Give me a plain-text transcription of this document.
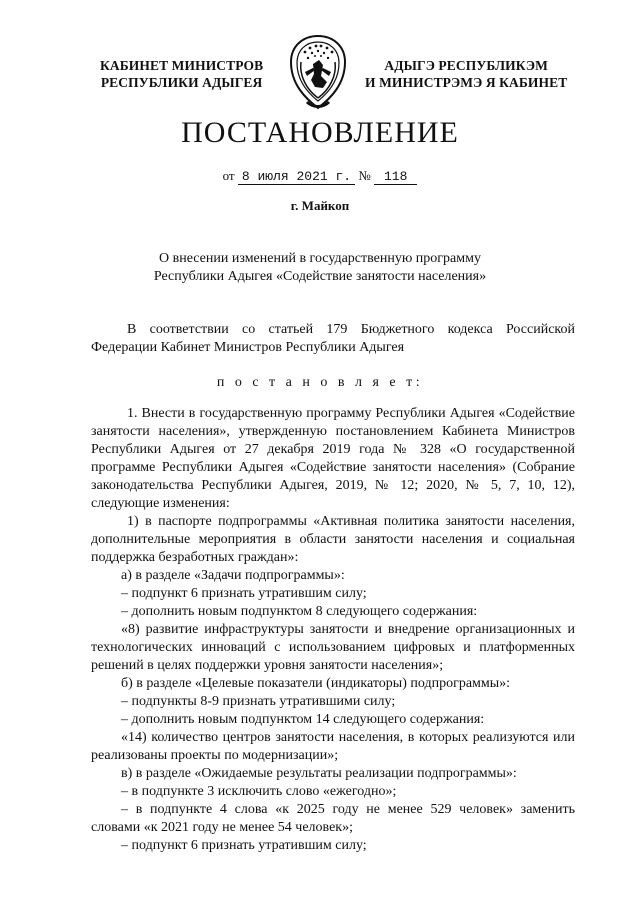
КАБИНЕТ МИНИСТРОВ
РЕСПУБЛИКИ АДЫГЕЯ
АДЫГЭ РЕСПУБЛИКЭМ
И МИНИСТРЭМЭ Я КАБИНЕТ
ПОСТАНОВЛЕНИЕ
от 8 июля 2021 г. № 118
г. Майкоп
О внесении изменений в государственную программу
Республики Адыгея «Содействие занятости населения»

В соответствии со статьей 179 Бюджетного кодекса Российской Федерации Кабинет Министров Республики Адыгея

п о с т а н о в л я е т:

1. Внести в государственную программу Республики Адыгея «Содействие занятости населения», утвержденную постановлением Кабинета Министров Республики Адыгея от 27 декабря 2019 года № 328 «О государственной программе Республики Адыгея «Содействие занятости населения» (Собрание законодательства Республики Адыгея, 2019, № 12; 2020, № 5, 7, 10, 12), следующие изменения:

1) в паспорте подпрограммы «Активная политика занятости населения, дополнительные мероприятия в области занятости населения и социальная поддержка безработных граждан»:

а) в разделе «Задачи подпрограммы»:

– подпункт 6 признать утратившим силу;

– дополнить новым подпунктом 8 следующего содержания:

«8) развитие инфраструктуры занятости и внедрение организационных и технологических инноваций с использованием цифровых и платформенных решений в целях поддержки уровня занятости населения»;

б) в разделе «Целевые показатели (индикаторы) подпрограммы»:

– подпункты 8-9 признать утратившими силу;

– дополнить новым подпунктом 14 следующего содержания:

«14) количество центров занятости населения, в которых реализуются или реализованы проекты по модернизации»;

в) в разделе «Ожидаемые результаты реализации подпрограммы»:

– в подпункте 3 исключить слово «ежегодно»;

– в подпункте 4 слова «к 2025 году не менее 529 человек» заменить словами «к 2021 году не менее 54 человек»;

– подпункт 6 признать утратившим силу;
